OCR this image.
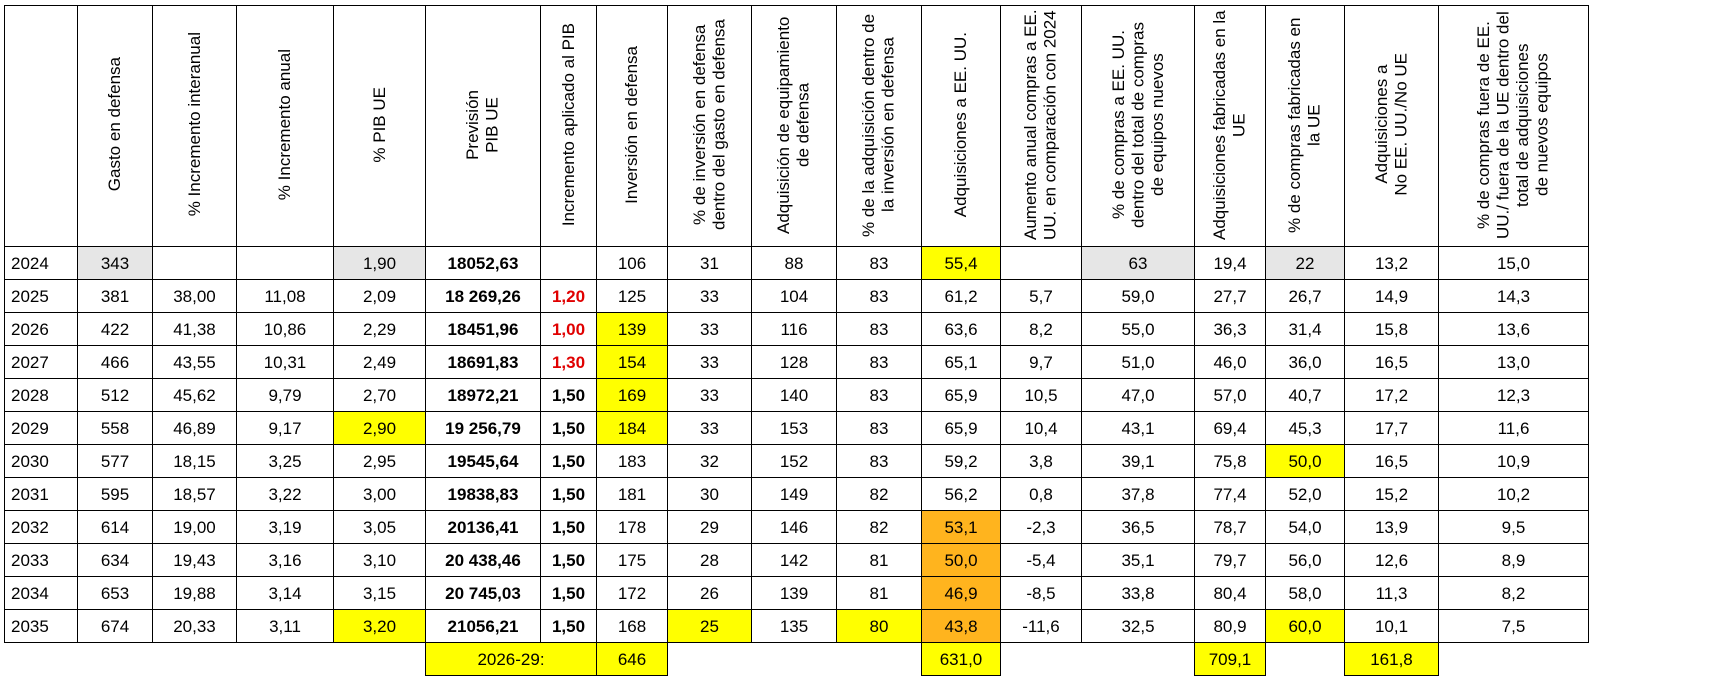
	Gasto en defensa	% Incremento interanual	% Incremento anual	% PIB UE	Previsión
PIB UE	Incremento aplicado al PIB	Inversión en defensa	% de inversión en defensa dentro del gasto en defensa	Adquisición de equipamiento de defensa	% de la adquisición dentro de la inversión en defensa	Adquisiciones a EE. UU.	Aumento anual compras a EE. UU. en comparación con 2024	% de compras a EE. UU. dentro del total de compras
de equipos nuevos	Adquisiciones fabricadas en la UE	% de compras fabricadas en la UE	Adquisiciones a
No EE. UU./No UE	% de compras fuera de EE. UU./ fuera de la UE dentro del total de adquisiciones
de nuevos equipos
2024	343			1,90	18052,63		106	31	88	83	55,4		63	19,4	22	13,2	15,0
2025	381	38,00	11,08	2,09	18 269,26	1,20	125	33	104	83	61,2	5,7	59,0	27,7	26,7	14,9	14,3
2026	422	41,38	10,86	2,29	18451,96	1,00	139	33	116	83	63,6	8,2	55,0	36,3	31,4	15,8	13,6
2027	466	43,55	10,31	2,49	18691,83	1,30	154	33	128	83	65,1	9,7	51,0	46,0	36,0	16,5	13,0
2028	512	45,62	9,79	2,70	18972,21	1,50	169	33	140	83	65,9	10,5	47,0	57,0	40,7	17,2	12,3
2029	558	46,89	9,17	2,90	19 256,79	1,50	184	33	153	83	65,9	10,4	43,1	69,4	45,3	17,7	11,6
2030	577	18,15	3,25	2,95	19545,64	1,50	183	32	152	83	59,2	3,8	39,1	75,8	50,0	16,5	10,9
2031	595	18,57	3,22	3,00	19838,83	1,50	181	30	149	82	56,2	0,8	37,8	77,4	52,0	15,2	10,2
2032	614	19,00	3,19	3,05	20136,41	1,50	178	29	146	82	53,1	-2,3	36,5	78,7	54,0	13,9	9,5
2033	634	19,43	3,16	3,10	20 438,46	1,50	175	28	142	81	50,0	-5,4	35,1	79,7	56,0	12,6	8,9
2034	653	19,88	3,14	3,15	20 745,03	1,50	172	26	139	81	46,9	-8,5	33,8	80,4	58,0	11,3	8,2
2035	674	20,33	3,11	3,20	21056,21	1,50	168	25	135	80	43,8	-11,6	32,5	80,9	60,0	10,1	7,5
					2026-29:		646				631,0			709,1		161,8	
